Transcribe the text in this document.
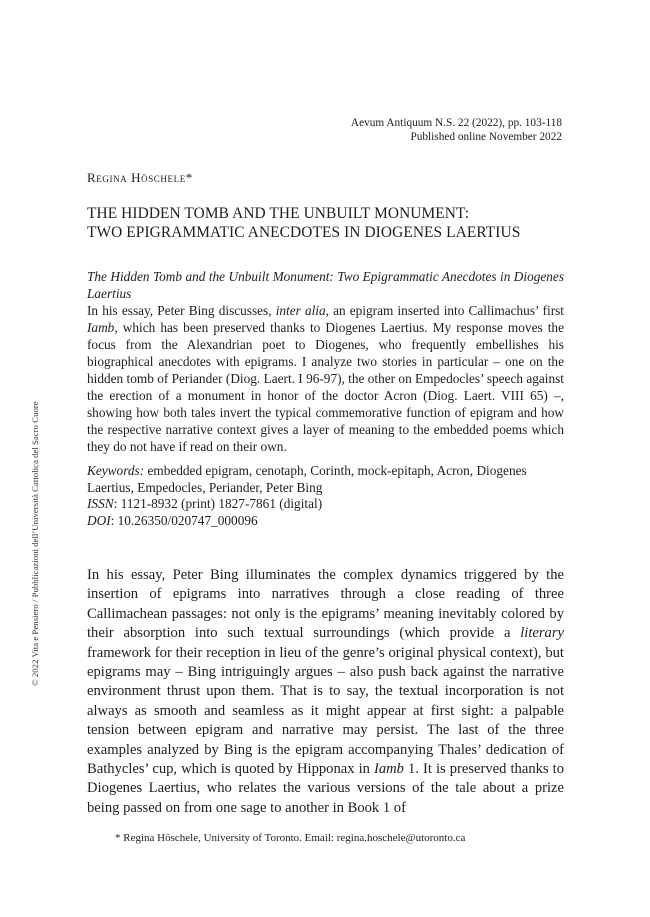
Aevum Antiquum N.S. 22 (2022), pp. 103-118
Published online November 2022
Regina Höschele*
THE HIDDEN TOMB AND THE UNBUILT MONUMENT:
TWO EPIGRAMMATIC ANECDOTES IN DIOGENES LAERTIUS

The Hidden Tomb and the Unbuilt Monument: Two Epigrammatic Anecdotes in Diogenes Laertius

In his essay, Peter Bing discusses, inter alia, an epigram inserted into Callimachus’ first Iamb, which has been preserved thanks to Diogenes Laertius. My response moves the focus from the Alexandrian poet to Diogenes, who frequently embellishes his biographical anecdotes with epigrams. I analyze two stories in particular – one on the hidden tomb of Periander (Diog. Laert. I 96-97), the other on Empedocles’ speech against the erection of a monument in honor of the doctor Acron (Diog. Laert. VIII 65) –, showing how both tales invert the typical commemorative function of epigram and how the respective narrative context gives a layer of meaning to the embedded poems which they do not have if read on their own.

Keywords: embedded epigram, cenotaph, Corinth, mock-epitaph, Acron, Diogenes Laertius, Empedocles, Periander, Peter Bing

ISSN: 1121-8932 (print) 1827-7861 (digital)

DOI: 10.26350/020747_000096

In his essay, Peter Bing illuminates the complex dynamics triggered by the insertion of epigrams into narratives through a close reading of three Callimachean passages: not only is the epigrams’ meaning inevitably colored by their absorption into such textual surroundings (which provide a literary framework for their reception in lieu of the genre’s original physical context), but epigrams may – Bing intriguingly argues – also push back against the narrative environment thrust upon them. That is to say, the textual incorporation is not always as smooth and seamless as it might appear at first sight: a palpable tension between epigram and narrative may persist. The last of the three examples analyzed by Bing is the epigram accompanying Thales’ dedication of Bathycles’ cup, which is quoted by Hipponax in Iamb 1. It is preserved thanks to Diogenes Laertius, who relates the various versions of the tale about a prize being passed on from one sage to another in Book 1 of

* Regina Höschele, University of Toronto. Email: regina.hoschele@utoronto.ca
© 2022 Vita e Pensiero / Pubblicazioni dell’Università Cattolica del Sacro Cuore
